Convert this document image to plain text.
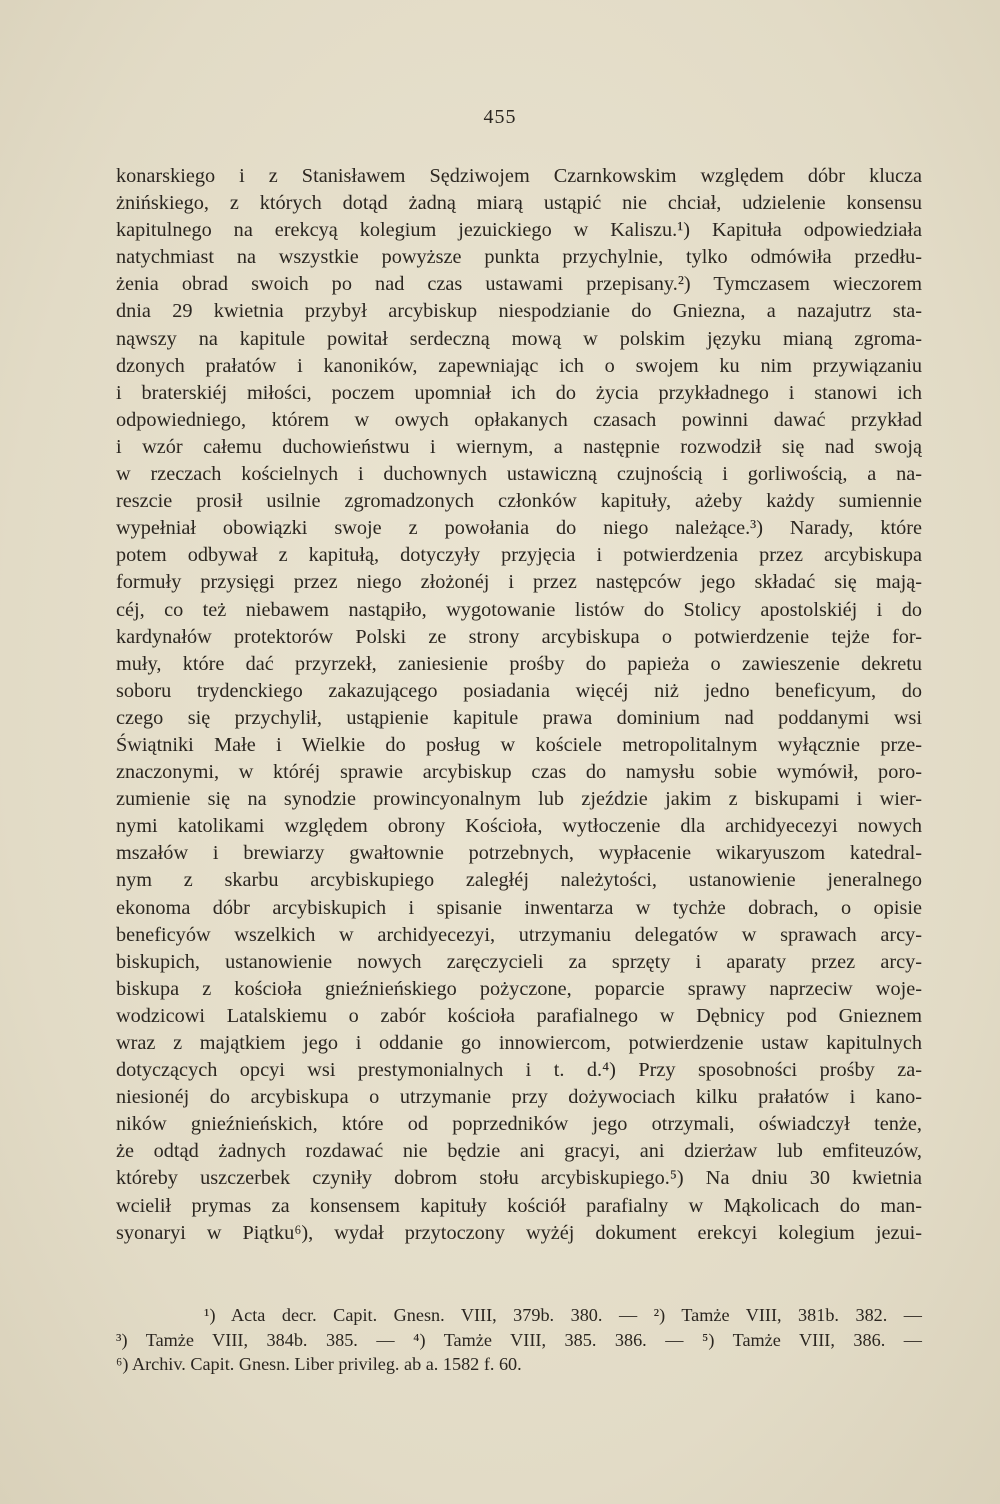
455
konarskiego i z Stanisławem Sędziwojem Czarnkowskim względem dóbr klucza
żnińskiego, z których dotąd żadną miarą ustąpić nie chciał, udzielenie konsensu
kapitulnego na erekcyą kolegium jezuickiego w Kaliszu.¹) Kapituła odpowiedziała
natychmiast na wszystkie powyższe punkta przychylnie, tylko odmówiła przedłu-
żenia obrad swoich po nad czas ustawami przepisany.²) Tymczasem wieczorem
dnia 29 kwietnia przybył arcybiskup niespodzianie do Gniezna, a nazajutrz sta-
nąwszy na kapitule powitał serdeczną mową w polskim języku mianą zgroma-
dzonych prałatów i kanoników, zapewniając ich o swojem ku nim przywiązaniu
i braterskiéj miłości, poczem upomniał ich do życia przykładnego i stanowi ich
odpowiedniego, którem w owych opłakanych czasach powinni dawać przykład
i wzór całemu duchowieństwu i wiernym, a następnie rozwodził się nad swoją
w rzeczach kościelnych i duchownych ustawiczną czujnością i gorliwością, a na-
reszcie prosił usilnie zgromadzonych członków kapituły, ażeby każdy sumiennie
wypełniał obowiązki swoje z powołania do niego należące.³) Narady, które
potem odbywał z kapitułą, dotyczyły przyjęcia i potwierdzenia przez arcybiskupa
formuły przysięgi przez niego złożonéj i przez następców jego składać się mają-
céj, co też niebawem nastąpiło, wygotowanie listów do Stolicy apostolskiéj i do
kardynałów protektorów Polski ze strony arcybiskupa o potwierdzenie tejże for-
muły, które dać przyrzekł, zaniesienie prośby do papieża o zawieszenie dekretu
soboru trydenckiego zakazującego posiadania więcéj niż jedno beneficyum, do
czego się przychylił, ustąpienie kapitule prawa dominium nad poddanymi wsi
Świątniki Małe i Wielkie do posług w kościele metropolitalnym wyłącznie prze-
znaczonymi, w któréj sprawie arcybiskup czas do namysłu sobie wymówił, poro-
zumienie się na synodzie prowincyonalnym lub zjeździe jakim z biskupami i wier-
nymi katolikami względem obrony Kościoła, wytłoczenie dla archidyecezyi nowych
mszałów i brewiarzy gwałtownie potrzebnych, wypłacenie wikaryuszom katedral-
nym z skarbu arcybiskupiego zaległéj należytości, ustanowienie jeneralnego
ekonoma dóbr arcybiskupich i spisanie inwentarza w tychże dobrach, o opisie
beneficyów wszelkich w archidyecezyi, utrzymaniu delegatów w sprawach arcy-
biskupich, ustanowienie nowych zaręczycieli za sprzęty i aparaty przez arcy-
biskupa z kościoła gnieźnieńskiego pożyczone, poparcie sprawy naprzeciw woje-
wodzicowi Latalskiemu o zabór kościoła parafialnego w Dębnicy pod Gnieznem
wraz z majątkiem jego i oddanie go innowiercom, potwierdzenie ustaw kapitulnych
dotyczących opcyi wsi prestymonialnych i t. d.⁴) Przy sposobności prośby za-
niesionéj do arcybiskupa o utrzymanie przy dożywociach kilku prałatów i kano-
ników gnieźnieńskich, które od poprzedników jego otrzymali, oświadczył tenże,
że odtąd żadnych rozdawać nie będzie ani gracyi, ani dzierżaw lub emfiteuzów,
któreby uszczerbek czyniły dobrom stołu arcybiskupiego.⁵) Na dniu 30 kwietnia
wcielił prymas za konsensem kapituły kościół parafialny w Mąkolicach do man-
syonaryi w Piątku⁶), wydał przytoczony wyżéj dokument erekcyi kolegium jezui-
¹) Acta decr. Capit. Gnesn. VIII, 379b. 380. — ²) Tamże VIII, 381b. 382. —
³) Tamże VIII, 384b. 385. — ⁴) Tamże VIII, 385. 386. — ⁵) Tamże VIII, 386. —
⁶) Archiv. Capit. Gnesn. Liber privileg. ab a. 1582 f. 60.
